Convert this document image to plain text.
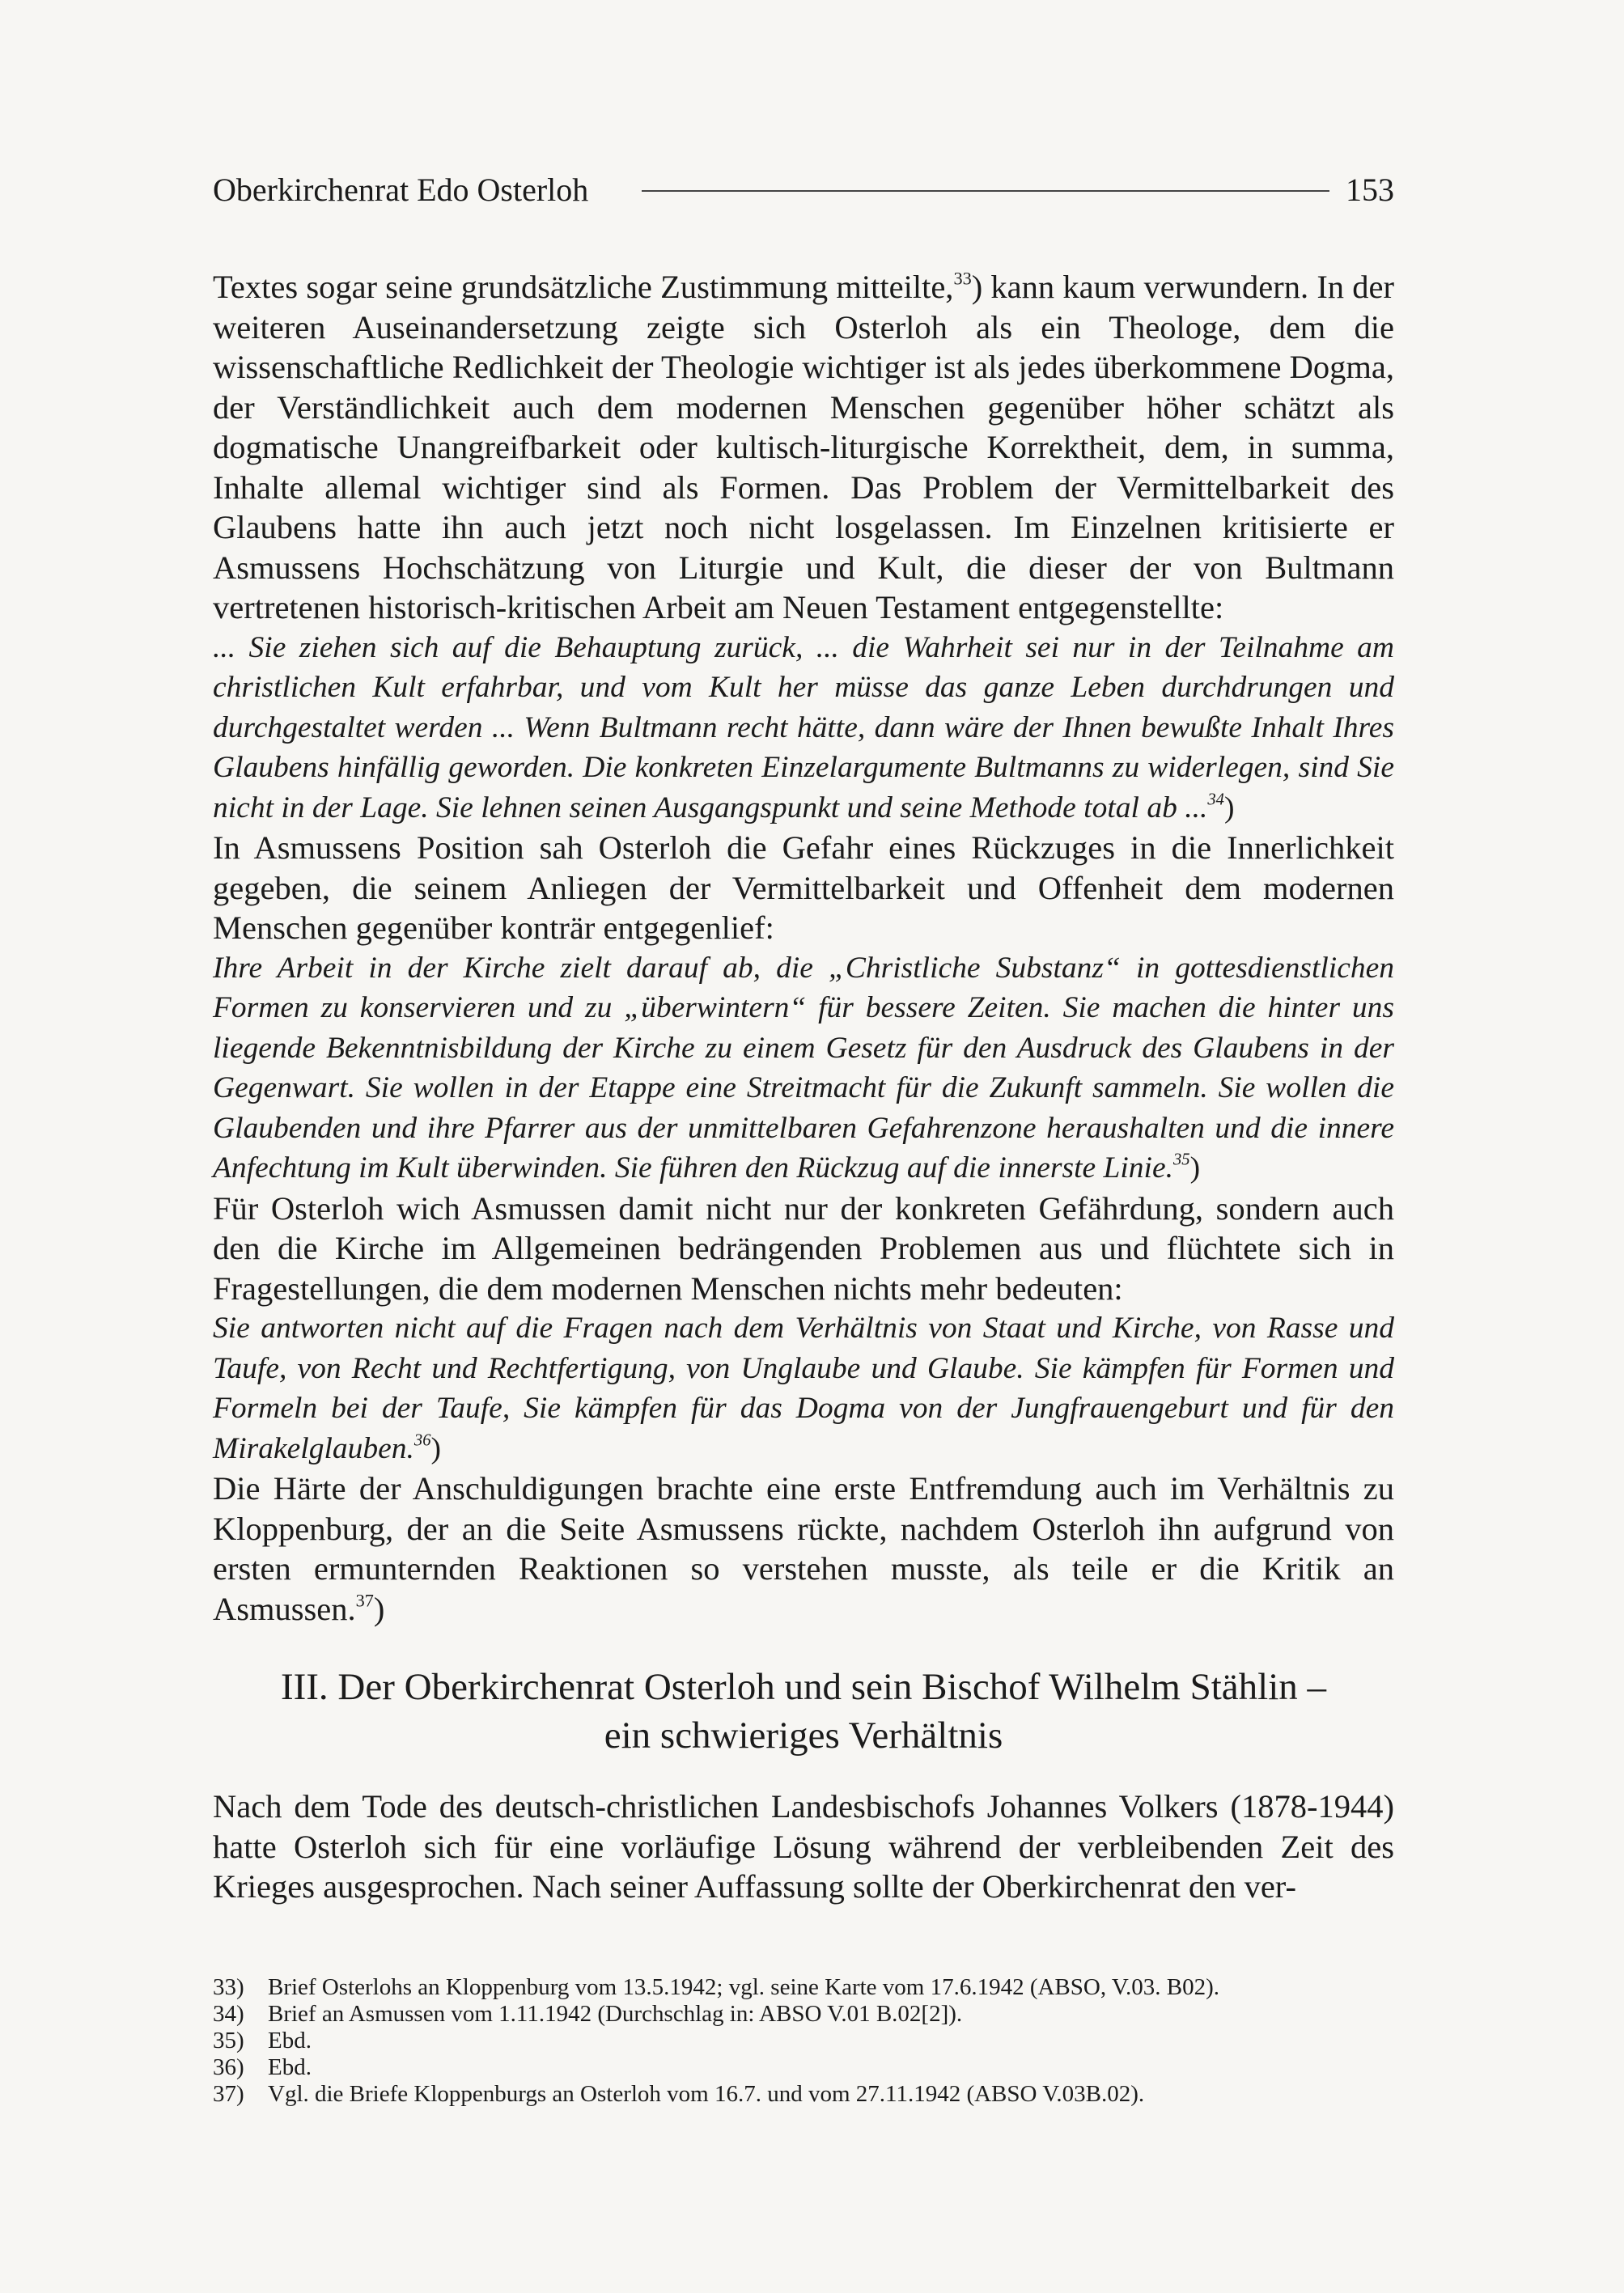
Oberkirchenrat Edo Osterloh	153

Textes sogar seine grundsätzliche Zustimmung mitteilte,$^{33}$) kann kaum verwundern. In der weiteren Auseinandersetzung zeigte sich Osterloh als ein Theologe, dem die wissenschaftliche Redlichkeit der Theologie wichtiger ist als jedes überkommene Dogma, der Verständlichkeit auch dem modernen Menschen gegenüber höher schätzt als dogmatische Unangreifbarkeit oder kultisch-liturgische Korrektheit, dem, in summa, Inhalte allemal wichtiger sind als Formen. Das Problem der Vermittelbarkeit des Glaubens hatte ihn auch jetzt noch nicht losgelassen. Im Einzelnen kritisierte er Asmussens Hochschätzung von Liturgie und Kult, die dieser der von Bultmann vertretenen historisch-kritischen Arbeit am Neuen Testament entgegenstellte:

... Sie ziehen sich auf die Behauptung zurück, ... die Wahrheit sei nur in der Teilnahme am christlichen Kult erfahrbar, und vom Kult her müsse das ganze Leben durchdrungen und durchgestaltet werden ... Wenn Bultmann recht hätte, dann wäre der Ihnen bewußte Inhalt Ihres Glaubens hinfällig geworden. Die konkreten Einzelargumente Bultmanns zu widerlegen, sind Sie nicht in der Lage. Sie lehnen seinen Ausgangspunkt und seine Methode total ab ...$^{34}$)

In Asmussens Position sah Osterloh die Gefahr eines Rückzuges in die Innerlichkeit gegeben, die seinem Anliegen der Vermittelbarkeit und Offenheit dem modernen Menschen gegenüber konträr entgegenlief:

Ihre Arbeit in der Kirche zielt darauf ab, die „Christliche Substanz“ in gottesdienstlichen Formen zu konservieren und zu „überwintern“ für bessere Zeiten. Sie machen die hinter uns liegende Bekenntnisbildung der Kirche zu einem Gesetz für den Ausdruck des Glaubens in der Gegenwart. Sie wollen in der Etappe eine Streitmacht für die Zukunft sammeln. Sie wollen die Glaubenden und ihre Pfarrer aus der unmittelbaren Gefahrenzone heraushalten und die innere Anfechtung im Kult überwinden. Sie führen den Rückzug auf die innerste Linie.$^{35}$)

Für Osterloh wich Asmussen damit nicht nur der konkreten Gefährdung, sondern auch den die Kirche im Allgemeinen bedrängenden Problemen aus und flüchtete sich in Fragestellungen, die dem modernen Menschen nichts mehr bedeuten:

Sie antworten nicht auf die Fragen nach dem Verhältnis von Staat und Kirche, von Rasse und Taufe, von Recht und Rechtfertigung, von Unglaube und Glaube. Sie kämpfen für Formen und Formeln bei der Taufe, Sie kämpfen für das Dogma von der Jungfrauengeburt und für den Mirakelglauben.$^{36}$)

Die Härte der Anschuldigungen brachte eine erste Entfremdung auch im Verhältnis zu Kloppenburg, der an die Seite Asmussens rückte, nachdem Osterloh ihn aufgrund von ersten ermunternden Reaktionen so verstehen musste, als teile er die Kritik an Asmussen.$^{37}$)

III. Der Oberkirchenrat Osterloh und sein Bischof Wilhelm Stählin –
ein schwieriges Verhältnis

Nach dem Tode des deutsch-christlichen Landesbischofs Johannes Volkers (1878-1944) hatte Osterloh sich für eine vorläufige Lösung während der verbleibenden Zeit des Krieges ausgesprochen. Nach seiner Auffassung sollte der Oberkirchenrat den ver-

33)	Brief Osterlohs an Kloppenburg vom 13.5.1942; vgl. seine Karte vom 17.6.1942 (ABSO, V.03. B02).
34)	Brief an Asmussen vom 1.11.1942 (Durchschlag in: ABSO V.01 B.02[2]).
35)	Ebd.
36)	Ebd.
37)	Vgl. die Briefe Kloppenburgs an Osterloh vom 16.7. und vom 27.11.1942 (ABSO V.03B.02).
